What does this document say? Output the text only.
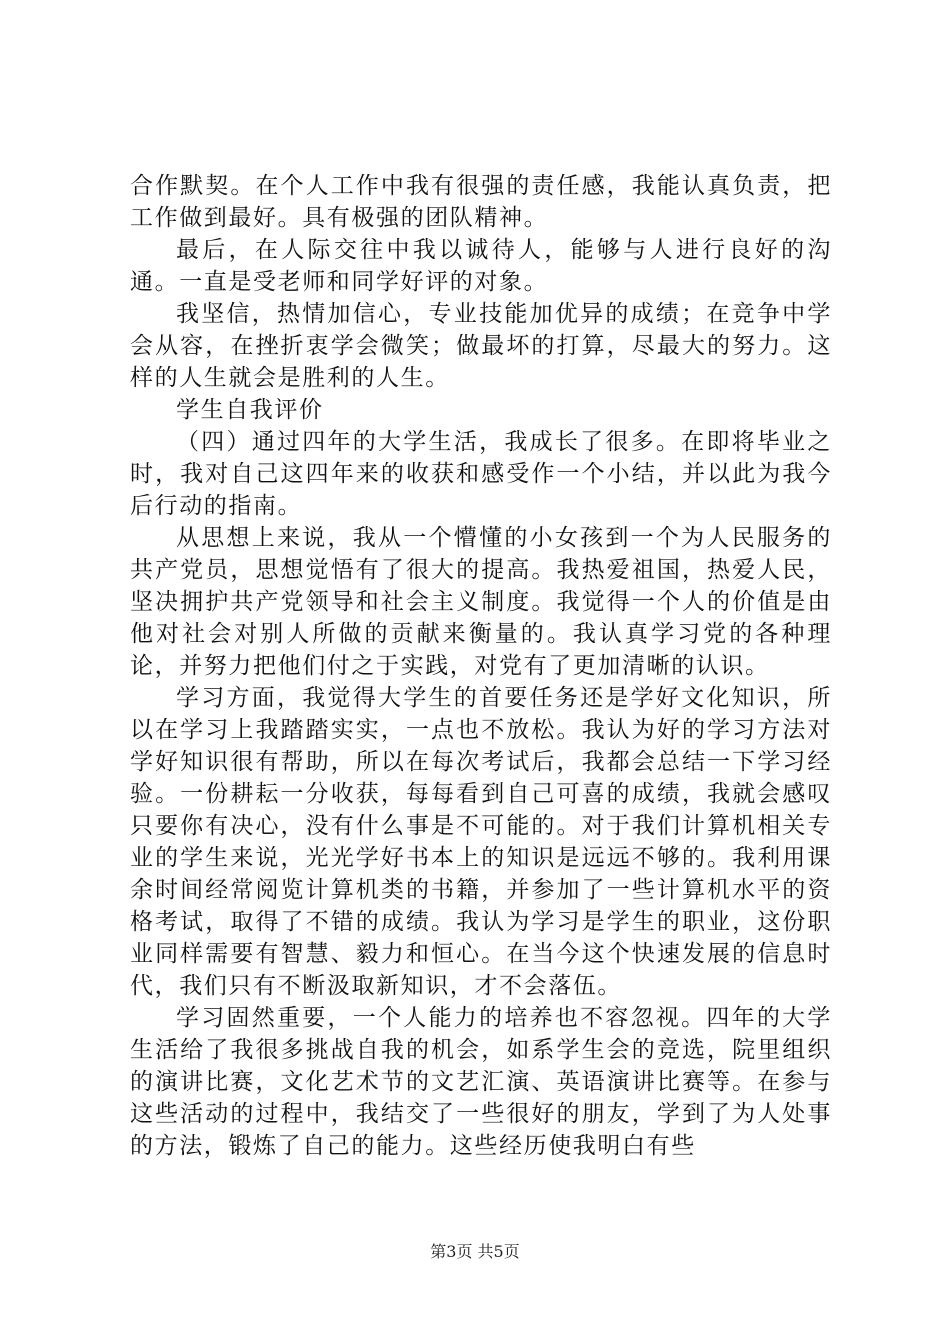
合作默契。在个人工作中我有很强的责任感，我能认真负责，把工作做到最好。具有极强的团队精神。

最后，在人际交往中我以诚待人，能够与人进行良好的沟通。一直是受老师和同学好评的对象。

我坚信，热情加信心，专业技能加优异的成绩；在竞争中学会从容，在挫折衷学会微笑；做最坏的打算，尽最大的努力。这样的人生就会是胜利的人生。

学生自我评价

（四）通过四年的大学生活，我成长了很多。在即将毕业之时，我对自己这四年来的收获和感受作一个小结，并以此为我今后行动的指南。

从思想上来说，我从一个懵懂的小女孩到一个为人民服务的共产党员，思想觉悟有了很大的提高。我热爱祖国，热爱人民，坚决拥护共产党领导和社会主义制度。我觉得一个人的价值是由他对社会对别人所做的贡献来衡量的。我认真学习党的各种理论，并努力把他们付之于实践，对党有了更加清晰的认识。

学习方面，我觉得大学生的首要任务还是学好文化知识，所以在学习上我踏踏实实，一点也不放松。我认为好的学习方法对学好知识很有帮助，所以在每次考试后，我都会总结一下学习经验。一份耕耘一分收获，每每看到自己可喜的成绩，我就会感叹只要你有决心，没有什么事是不可能的。对于我们计算机相关专业的学生来说，光光学好书本上的知识是远远不够的。我利用课余时间经常阅览计算机类的书籍，并参加了一些计算机水平的资格考试，取得了不错的成绩。我认为学习是学生的职业，这份职业同样需要有智慧、毅力和恒心。在当今这个快速发展的信息时代，我们只有不断汲取新知识，才不会落伍。

学习固然重要，一个人能力的培养也不容忽视。四年的大学生活给了我很多挑战自我的机会，如系学生会的竞选，院里组织的演讲比赛，文化艺术节的文艺汇演、英语演讲比赛等。在参与这些活动的过程中，我结交了一些很好的朋友，学到了为人处事的方法，锻炼了自己的能力。这些经历使我明白有些

第3页 共5页
